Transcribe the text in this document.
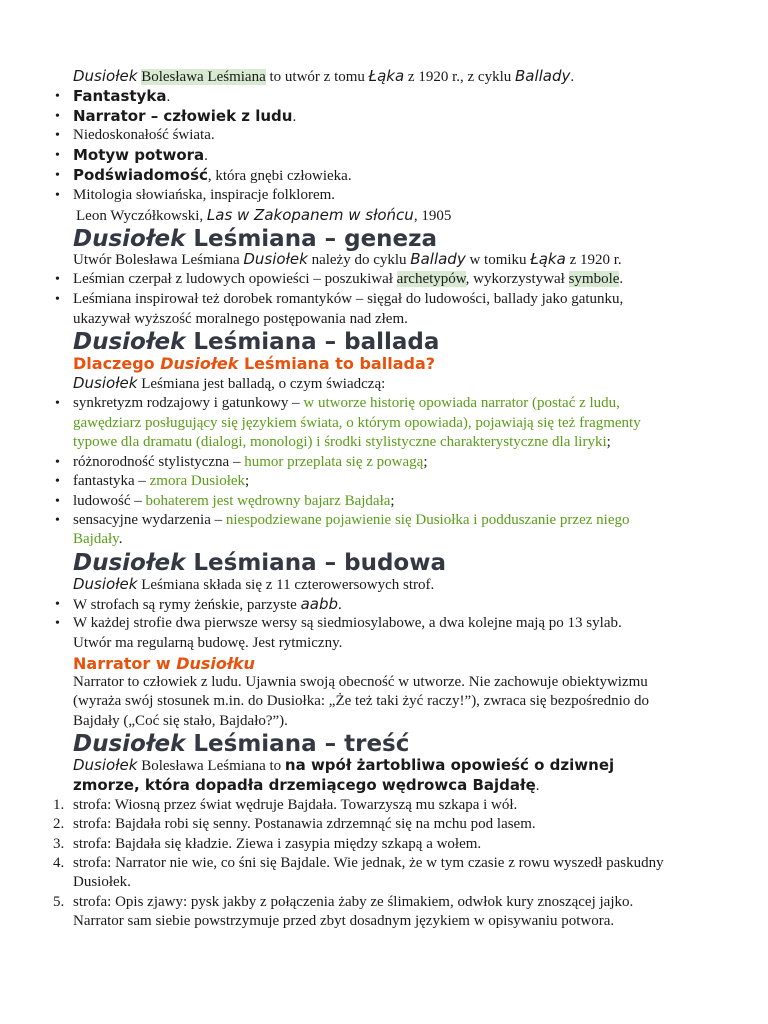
Dusiołek Bolesława Leśmiana to utwór z tomu Łąka z 1920 r., z cyklu Ballady.
• Fantastyka.
• Narrator – człowiek z ludu.
• Niedoskonałość świata.
• Motyw potwora.
• Podświadomość, która gnębi człowieka.
• Mitologia słowiańska, inspiracje folklorem.
Leon Wyczółkowski, Las w Zakopanem w słońcu, 1905
Dusiołek Leśmiana – geneza
Utwór Bolesława Leśmiana Dusiołek należy do cyklu Ballady w tomiku Łąka z 1920 r.
• Leśmian czerpał z ludowych opowieści – poszukiwał archetypów, wykorzystywał symbole.
• Leśmiana inspirował też dorobek romantyków – sięgał do ludowości, ballady jako gatunku,
ukazywał wyższość moralnego postępowania nad złem.
Dusiołek Leśmiana – ballada
Dlaczego Dusiołek Leśmiana to ballada?
Dusiołek Leśmiana jest balladą, o czym świadczą:
• synkretyzm rodzajowy i gatunkowy – w utworze historię opowiada narrator (postać z ludu,
gawędziarz posługujący się językiem świata, o którym opowiada), pojawiają się też fragmenty
typowe dla dramatu (dialogi, monologi) i środki stylistyczne charakterystyczne dla liryki;
• różnorodność stylistyczna – humor przeplata się z powagą;
• fantastyka – zmora Dusiołek;
• ludowość – bohaterem jest wędrowny bajarz Bajdała;
• sensacyjne wydarzenia – niespodziewane pojawienie się Dusiołka i podduszanie przez niego
Bajdały.
Dusiołek Leśmiana – budowa
Dusiołek Leśmiana składa się z 11 czterowersowych strof.
• W strofach są rymy żeńskie, parzyste aabb.
• W każdej strofie dwa pierwsze wersy są siedmiosylabowe, a dwa kolejne mają po 13 sylab.
Utwór ma regularną budowę. Jest rytmiczny.
Narrator w Dusiołku
Narrator to człowiek z ludu. Ujawnia swoją obecność w utworze. Nie zachowuje obiektywizmu
(wyraża swój stosunek m.in. do Dusiołka: „Że też taki żyć raczy!”), zwraca się bezpośrednio do
Bajdały („Coć się stało, Bajdało?”).
Dusiołek Leśmiana – treść
Dusiołek Bolesława Leśmiana to na wpół żartobliwa opowieść o dziwnej
zmorze, która dopadła drzemiącego wędrowca Bajdałę.
1. strofa: Wiosną przez świat wędruje Bajdała. Towarzyszą mu szkapa i wół.
2. strofa: Bajdała robi się senny. Postanawia zdrzemnąć się na mchu pod lasem.
3. strofa: Bajdała się kładzie. Ziewa i zasypia między szkapą a wołem.
4. strofa: Narrator nie wie, co śni się Bajdale. Wie jednak, że w tym czasie z rowu wyszedł paskudny
Dusiołek.
5. strofa: Opis zjawy: pysk jakby z połączenia żaby ze ślimakiem, odwłok kury znoszącej jajko.
Narrator sam siebie powstrzymuje przed zbyt dosadnym językiem w opisywaniu potwora.
